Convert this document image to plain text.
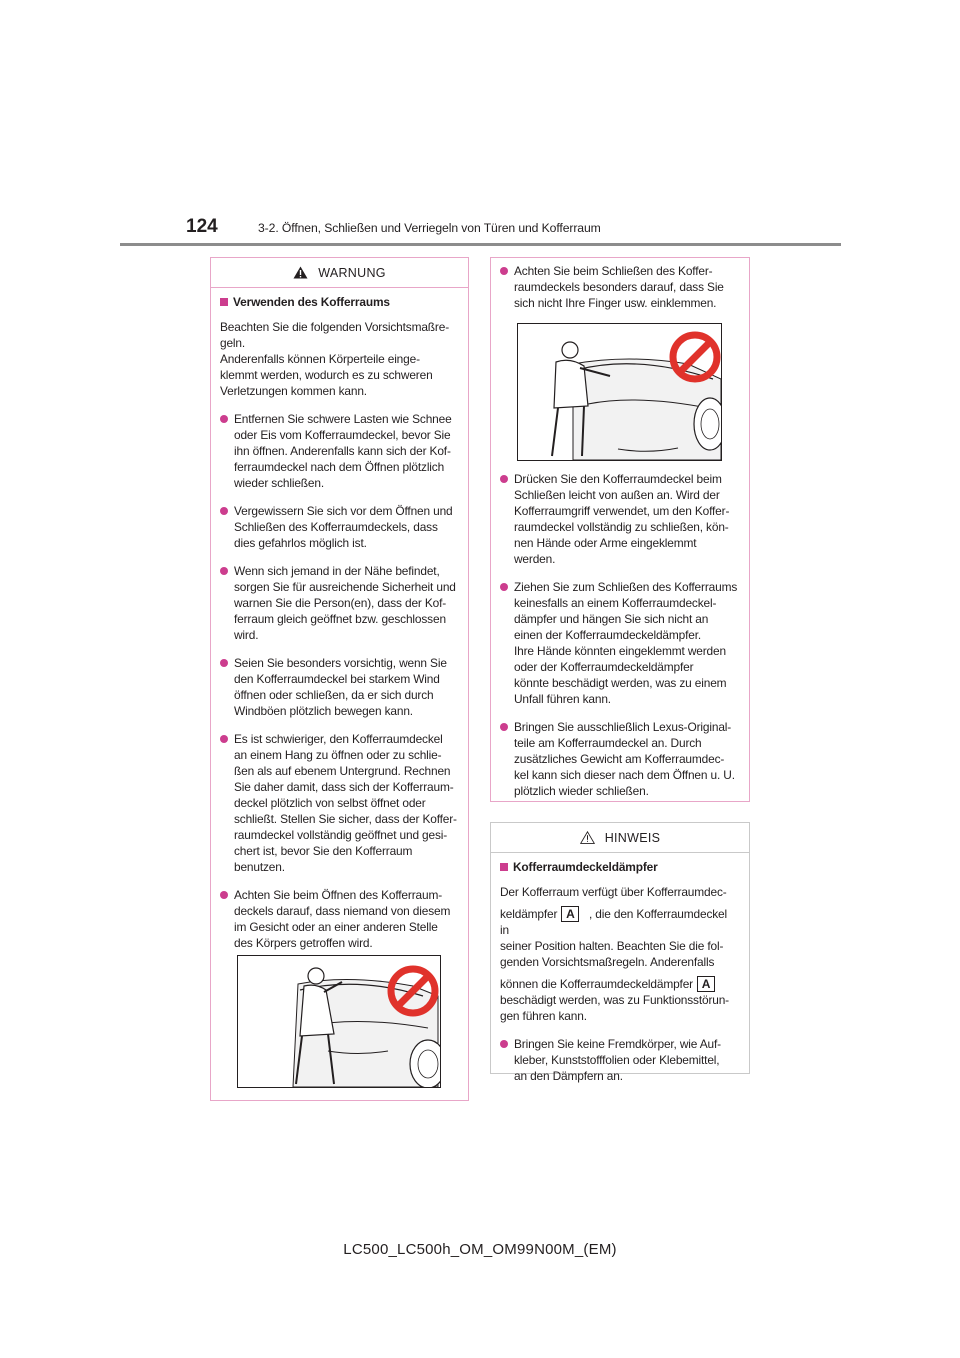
124	3-2. Öffnen, Schließen und Verriegeln von Türen und Kofferraum
WARNUNG
Verwenden des Kofferraums
Beachten Sie die folgenden Vorsichtsmaßre-
geln.
Anderenfalls können Körperteile einge-
klemmt werden, wodurch es zu schweren
Verletzungen kommen kann.
Entfernen Sie schwere Lasten wie Schnee
oder Eis vom Kofferraumdeckel, bevor Sie
ihn öffnen. Anderenfalls kann sich der Kof-
ferraumdeckel nach dem Öffnen plötzlich
wieder schließen.
Vergewissern Sie sich vor dem Öffnen und
Schließen des Kofferraumdeckels, dass
dies gefahrlos möglich ist.
Wenn sich jemand in der Nähe befindet,
sorgen Sie für ausreichende Sicherheit und
warnen Sie die Person(en), dass der Kof-
ferraum gleich geöffnet bzw. geschlossen
wird.
Seien Sie besonders vorsichtig, wenn Sie
den Kofferraumdeckel bei starkem Wind
öffnen oder schließen, da er sich durch
Windböen plötzlich bewegen kann.
Es ist schwieriger, den Kofferraumdeckel
an einem Hang zu öffnen oder zu schlie-
ßen als auf ebenem Untergrund. Rechnen
Sie daher damit, dass sich der Kofferraum-
deckel plötzlich von selbst öffnet oder
schließt. Stellen Sie sicher, dass der Koffer-
raumdeckel vollständig geöffnet und gesi-
chert ist, bevor Sie den Kofferraum
benutzen.
Achten Sie beim Öffnen des Kofferraum-
deckels darauf, dass niemand von diesem
im Gesicht oder an einer anderen Stelle
des Körpers getroffen wird.
Achten Sie beim Schließen des Koffer-
raumdeckels besonders darauf, dass Sie
sich nicht Ihre Finger usw. einklemmen.
Drücken Sie den Kofferraumdeckel beim
Schließen leicht von außen an. Wird der
Kofferraumgriff verwendet, um den Koffer-
raumdeckel vollständig zu schließen, kön-
nen Hände oder Arme eingeklemmt
werden.
Ziehen Sie zum Schließen des Kofferraums
keinesfalls an einem Kofferraumdeckel-
dämpfer und hängen Sie sich nicht an
einen der Kofferraumdeckeldämpfer.
Ihre Hände könnten eingeklemmt werden
oder der Kofferraumdeckeldämpfer
könnte beschädigt werden, was zu einem
Unfall führen kann.
Bringen Sie ausschließlich Lexus-Original-
teile am Kofferraumdeckel an. Durch
zusätzliches Gewicht am Kofferraumdec-
kel kann sich dieser nach dem Öffnen u. U.
plötzlich wieder schließen.
HINWEIS
Kofferraumdeckeldämpfer
Der Kofferraum verfügt über Kofferraumdec-
keldämpfer A	, die den Kofferraumdeckel in
seiner Position halten. Beachten Sie die fol-
genden Vorsichtsmaßregeln. Anderenfalls
können die Kofferraumdeckeldämpfer A
beschädigt werden, was zu Funktionsstörun-
gen führen kann.
Bringen Sie keine Fremdkörper, wie Auf-
kleber, Kunststofffolien oder Klebemittel,
an den Dämpfern an.
LC500_LC500h_OM_OM99N00M_(EM)
